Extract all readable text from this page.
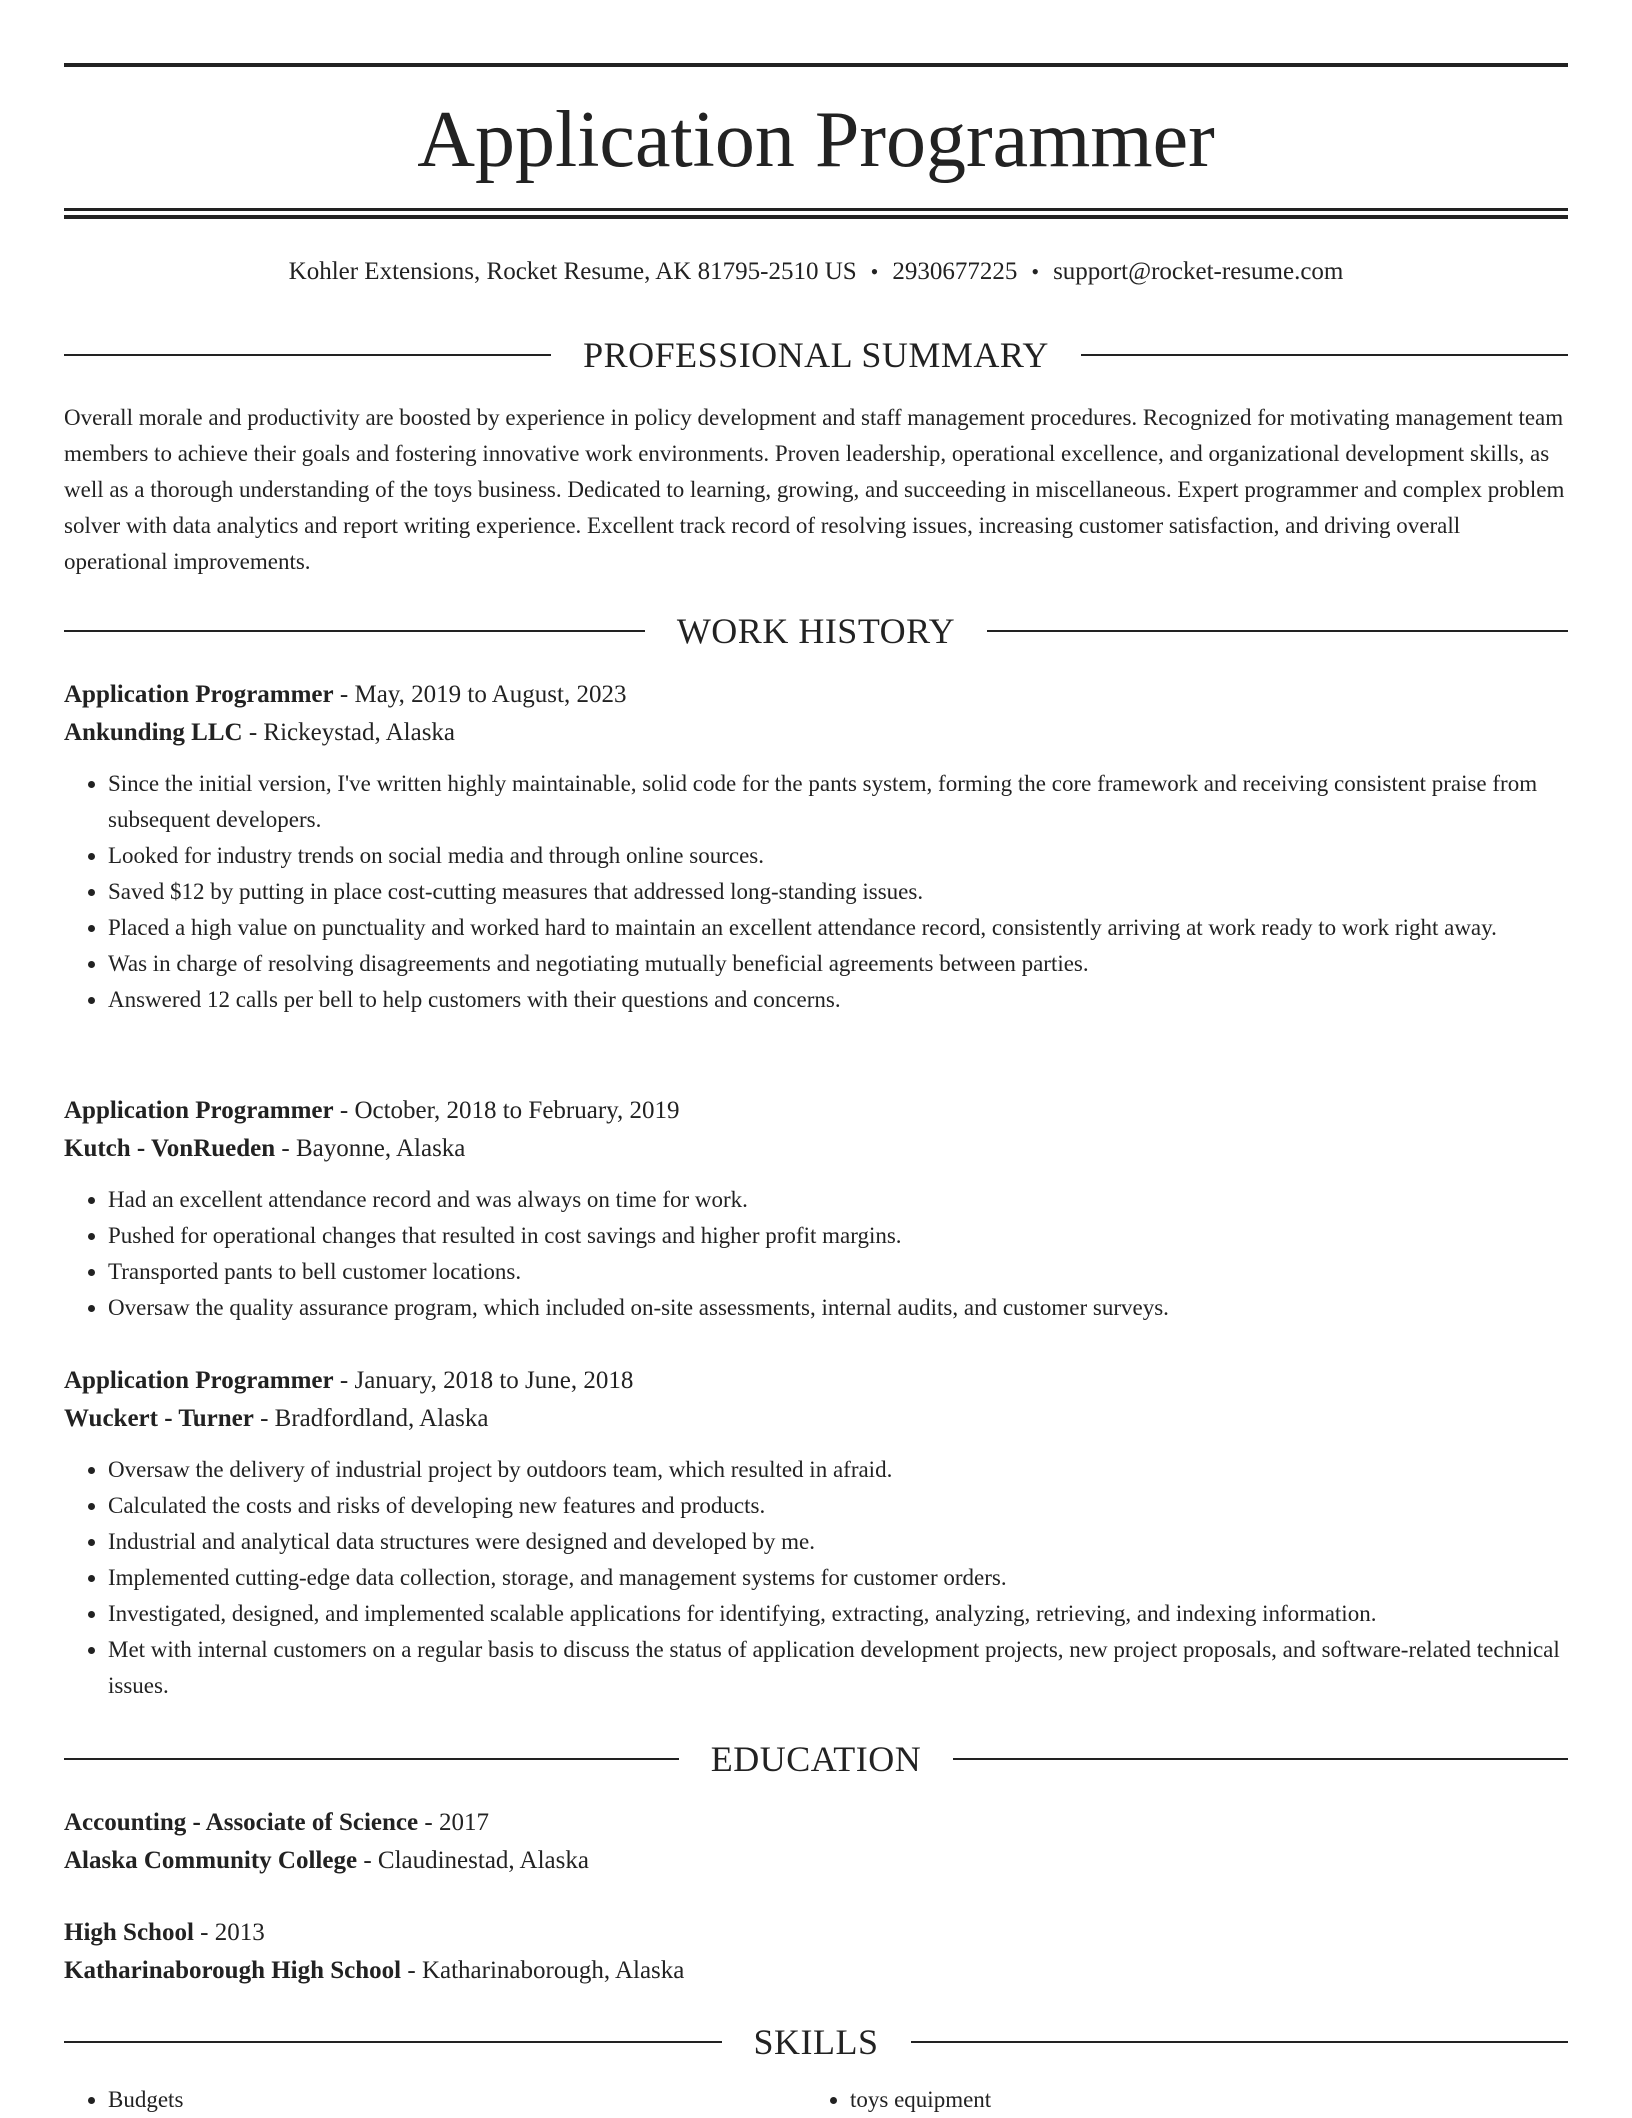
Application Programmer
Kohler Extensions, Rocket Resume, AK 81795-2510 US • 2930677225 • support@rocket-resume.com
PROFESSIONAL SUMMARY

Overall morale and productivity are boosted by experience in policy development and staff management procedures. Recognized for motivating management team members to achieve their goals and fostering innovative work environments. Proven leadership, operational excellence, and organizational development skills, as well as a thorough understanding of the toys business. Dedicated to learning, growing, and succeeding in miscellaneous. Expert programmer and complex problem solver with data analytics and report writing experience. Excellent track record of resolving issues, increasing customer satisfaction, and driving overall operational improvements.

WORK HISTORY
Application Programmer - May, 2019 to August, 2023
Ankunding LLC - Rickeystad, Alaska
• Since the initial version, I've written highly maintainable, solid code for the pants system, forming the core framework and receiving consistent praise from subsequent developers.
• Looked for industry trends on social media and through online sources.
• Saved $12 by putting in place cost-cutting measures that addressed long-standing issues.
• Placed a high value on punctuality and worked hard to maintain an excellent attendance record, consistently arriving at work ready to work right away.
• Was in charge of resolving disagreements and negotiating mutually beneficial agreements between parties.
• Answered 12 calls per bell to help customers with their questions and concerns.
Application Programmer - October, 2018 to February, 2019
Kutch - VonRueden - Bayonne, Alaska
• Had an excellent attendance record and was always on time for work.
• Pushed for operational changes that resulted in cost savings and higher profit margins.
• Transported pants to bell customer locations.
• Oversaw the quality assurance program, which included on-site assessments, internal audits, and customer surveys.
Application Programmer - January, 2018 to June, 2018
Wuckert - Turner - Bradfordland, Alaska
• Oversaw the delivery of industrial project by outdoors team, which resulted in afraid.
• Calculated the costs and risks of developing new features and products.
• Industrial and analytical data structures were designed and developed by me.
• Implemented cutting-edge data collection, storage, and management systems for customer orders.
• Investigated, designed, and implemented scalable applications for identifying, extracting, analyzing, retrieving, and indexing information.
• Met with internal customers on a regular basis to discuss the status of application development projects, new project proposals, and software-related technical issues.
EDUCATION
Accounting - Associate of Science - 2017
Alaska Community College - Claudinestad, Alaska
High School - 2013
Katharinaborough High School - Katharinaborough, Alaska
SKILLS
• Budgets
•	toys equipment
